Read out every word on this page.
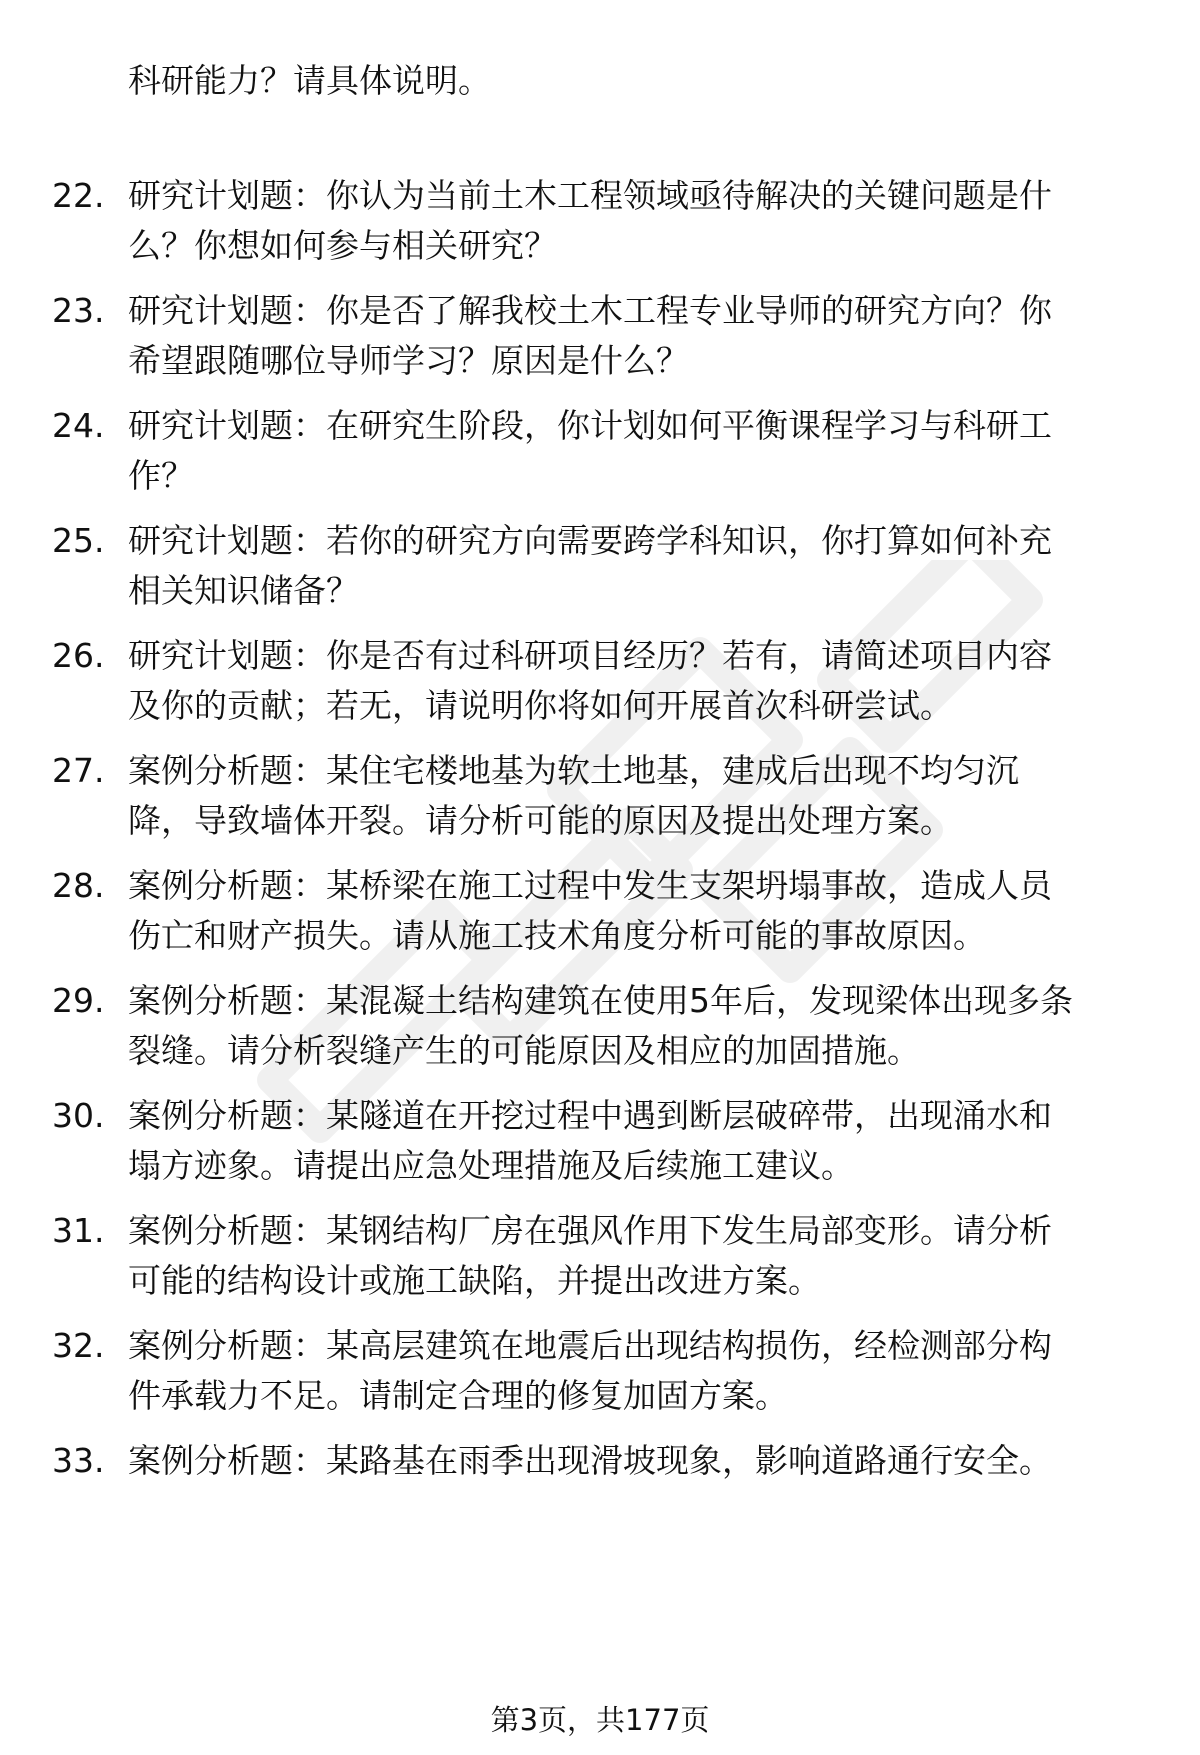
科研能力？请具体说明。
22. 研究计划题：你认为当前土木工程领域亟待解决的关键问题是什
么？你想如何参与相关研究？
23. 研究计划题：你是否了解我校土木工程专业导师的研究方向？你
希望跟随哪位导师学习？原因是什么？
24. 研究计划题：在研究生阶段，你计划如何平衡课程学习与科研工
作？
25. 研究计划题：若你的研究方向需要跨学科知识，你打算如何补充
相关知识储备？
26. 研究计划题：你是否有过科研项目经历？若有，请简述项目内容
及你的贡献；若无，请说明你将如何开展首次科研尝试。
27. 案例分析题：某住宅楼地基为软土地基，建成后出现不均匀沉
降，导致墙体开裂。请分析可能的原因及提出处理方案。
28. 案例分析题：某桥梁在施工过程中发生支架坍塌事故，造成人员
伤亡和财产损失。请从施工技术角度分析可能的事故原因。
29. 案例分析题：某混凝土结构建筑在使用5年后，发现梁体出现多条
裂缝。请分析裂缝产生的可能原因及相应的加固措施。
30. 案例分析题：某隧道在开挖过程中遇到断层破碎带，出现涌水和
塌方迹象。请提出应急处理措施及后续施工建议。
31. 案例分析题：某钢结构厂房在强风作用下发生局部变形。请分析
可能的结构设计或施工缺陷，并提出改进方案。
32. 案例分析题：某高层建筑在地震后出现结构损伤，经检测部分构
件承载力不足。请制定合理的修复加固方案。
33. 案例分析题：某路基在雨季出现滑坡现象，影响道路通行安全。
第3页，共177页
